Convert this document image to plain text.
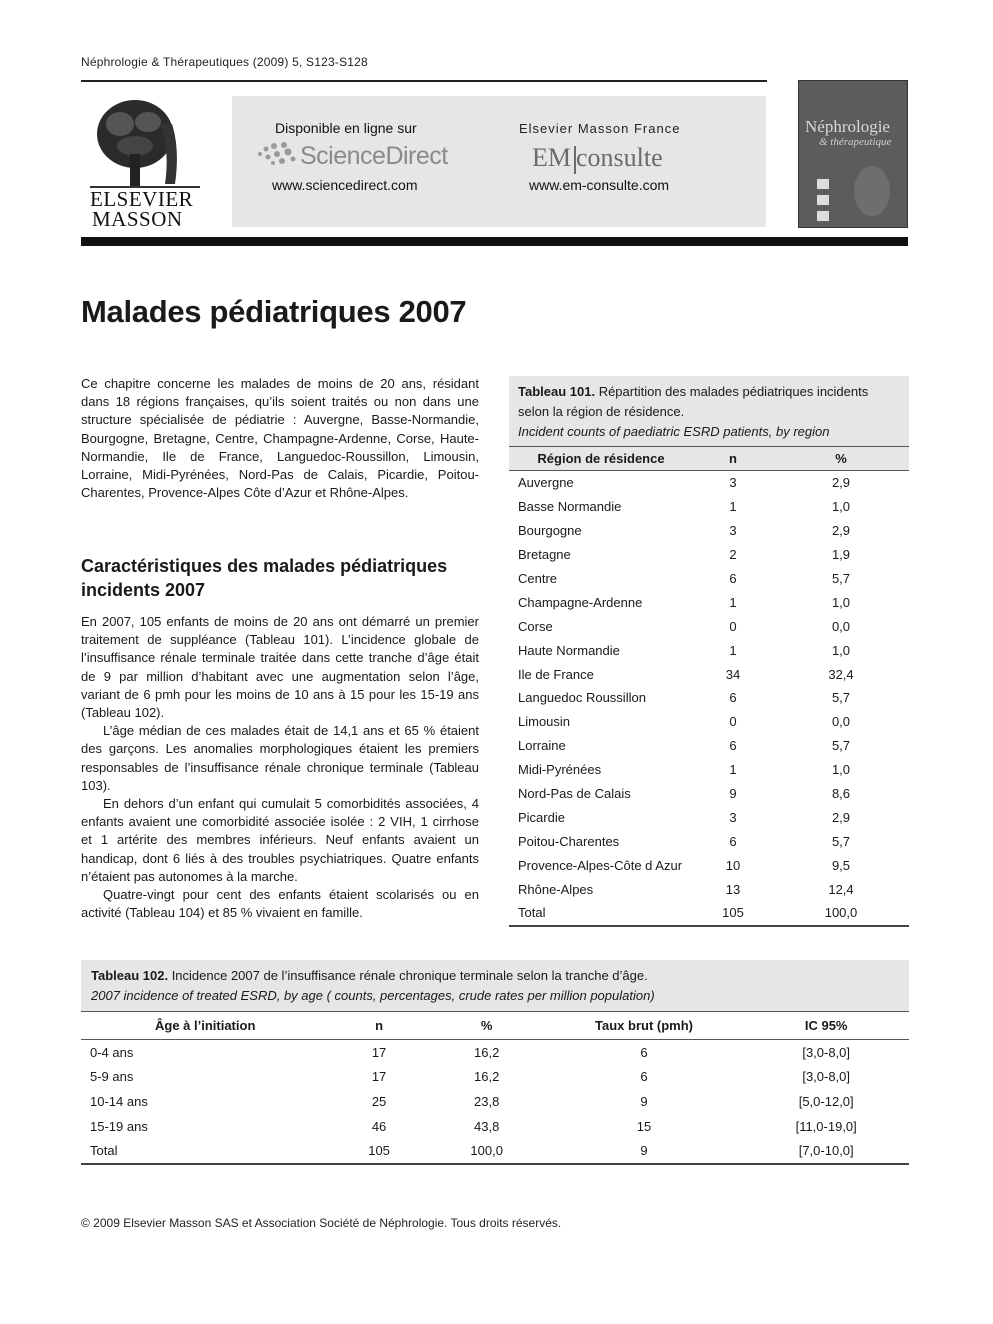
Néphrologie & Thérapeutiques (2009) 5, S123-S128
ELSEVIER
MASSON
Disponible en ligne sur
ScienceDirect
www.sciencedirect.com
Elsevier Masson France
EM consulte
www.em-consulte.com
Néphrologie
& thérapeutique
Malades pédiatriques 2007
Ce chapitre concerne les malades de moins de 20 ans, résidant dans 18 régions françaises, qu’ils soient traités ou non dans une structure spécialisée de pédiatrie : Auvergne, Basse-Normandie, Bourgogne, Bretagne, Centre, Champagne-Ardenne, Corse, Haute-Normandie, Ile de France, Languedoc-Roussillon, Limousin, Lorraine, Midi-Pyrénées, Nord-Pas de Calais, Picardie, Poitou-Charentes, Provence-Alpes Côte d’Azur et Rhône-Alpes.
Caractéristiques des malades pédiatriques incidents 2007

En 2007, 105 enfants de moins de 20 ans ont démarré un premier traitement de suppléance (Tableau 101). L’incidence globale de l’insuffisance rénale terminale traitée dans cette tranche d’âge était de 9 par million d’habitant avec une augmentation selon l’âge, variant de 6 pmh pour les moins de 10 ans à 15 pour les 15-19 ans (Tableau 102).

L’âge médian de ces malades était de 14,1 ans et 65 % étaient des garçons. Les anomalies morphologiques étaient les premiers responsables de l’insuffisance rénale chronique terminale (Tableau 103).

En dehors d’un enfant qui cumulait 5 comorbidités associées, 4 enfants avaient une comorbidité associée isolée : 2 VIH, 1 cirrhose et 1 artérite des membres inférieurs. Neuf enfants avaient un handicap, dont 6 liés à des troubles psychiatriques. Quatre enfants n’étaient pas autonomes à la marche.

Quatre-vingt pour cent des enfants étaient scolarisés ou en activité (Tableau 104) et 85 % vivaient en famille.

Tableau 101. Répartition des malades pédiatriques incidents selon la région de résidence.
Incident counts of paediatric ESRD patients, by region
Région de résidence	n	%
Auvergne	3	2,9
Basse Normandie	1	1,0
Bourgogne	3	2,9
Bretagne	2	1,9
Centre	6	5,7
Champagne-Ardenne	1	1,0
Corse	0	0,0
Haute Normandie	1	1,0
Ile de France	34	32,4
Languedoc Roussillon	6	5,7
Limousin	0	0,0
Lorraine	6	5,7
Midi-Pyrénées	1	1,0
Nord-Pas de Calais	9	8,6
Picardie	3	2,9
Poitou-Charentes	6	5,7
Provence-Alpes-Côte d Azur	10	9,5
Rhône-Alpes	13	12,4
Total	105	100,0
Tableau 102. Incidence 2007 de l’insuffisance rénale chronique terminale selon la tranche d’âge.
2007 incidence of treated ESRD, by age ( counts, percentages, crude rates per million population)
Âge à l’initiation	n	%	Taux brut (pmh)	IC 95%
0-4 ans	17	16,2	6	[3,0-8,0]
5-9 ans	17	16,2	6	[3,0-8,0]
10-14 ans	25	23,8	9	[5,0-12,0]
15-19 ans	46	43,8	15	[11,0-19,0]
Total	105	100,0	9	[7,0-10,0]
© 2009 Elsevier Masson SAS et Association Société de Néphrologie. Tous droits réservés.
